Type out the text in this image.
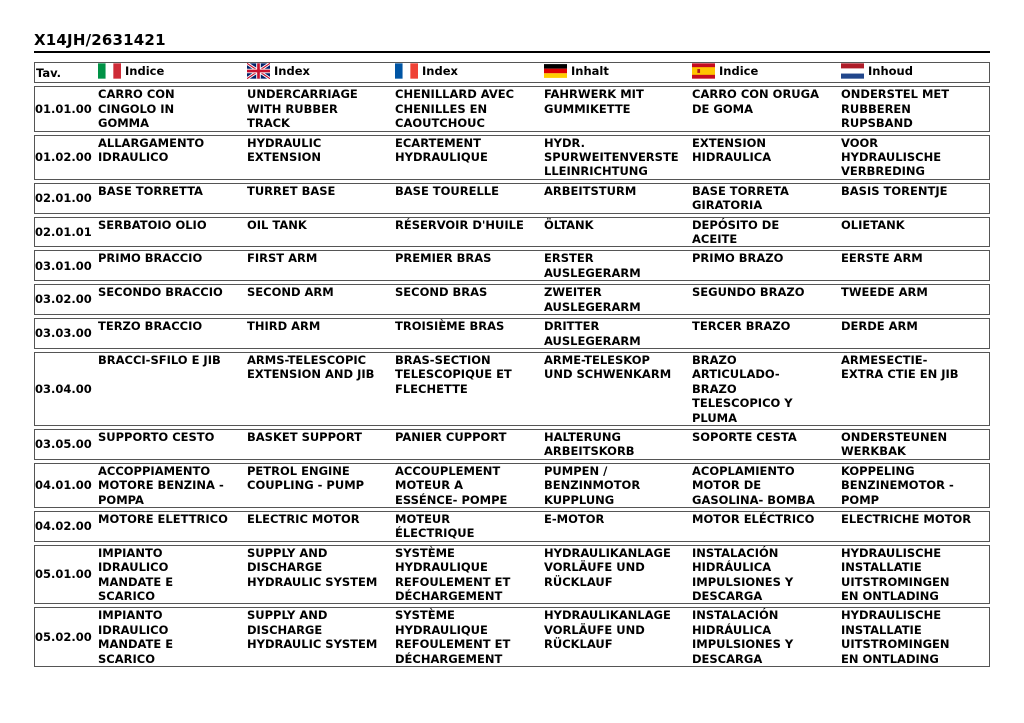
X14JH/2631421
Tav.	Indice	Index	Index	Inhalt	Indice	Inhoud

01.01.00	CARRO CON
CINGOLO IN
GOMMA	UNDERCARRIAGE
WITH RUBBER
TRACK	CHENILLARD AVEC
CHENILLES EN
CAOUTCHOUC	FAHRWERK MIT
GUMMIKETTE	CARRO CON ORUGA
DE GOMA	ONDERSTEL MET
RUBBEREN
RUPSBAND

01.02.00	ALLARGAMENTO
IDRAULICO	HYDRAULIC
EXTENSION	ECARTEMENT
HYDRAULIQUE	HYDR.
SPURWEITENVERSTE
LLEINRICHTUNG	EXTENSION
HIDRAULICA	VOOR
HYDRAULISCHE
VERBREDING

02.01.00	BASE TORRETTA	TURRET BASE	BASE TOURELLE	ARBEITSTURM	BASE TORRETA
GIRATORIA	BASIS TORENTJE

02.01.01	SERBATOIO OLIO	OIL TANK	RÉSERVOIR D'HUILE	ÖLTANK	DEPÓSITO DE
ACEITE	OLIETANK

03.01.00	PRIMO BRACCIO	FIRST ARM	PREMIER BRAS	ERSTER
AUSLEGERARM	PRIMO BRAZO	EERSTE ARM

03.02.00	SECONDO BRACCIO	SECOND ARM	SECOND BRAS	ZWEITER
AUSLEGERARM	SEGUNDO BRAZO	TWEEDE ARM

03.03.00	TERZO BRACCIO	THIRD ARM	TROISIÈME BRAS	DRITTER
AUSLEGERARM	TERCER BRAZO	DERDE ARM

03.04.00	BRACCI-SFILO E JIB	ARMS-TELESCOPIC
EXTENSION AND JIB	BRAS-SECTION
TELESCOPIQUE ET
FLECHETTE	ARME-TELESKOP
UND SCHWENKARM	BRAZO
ARTICULADO-
BRAZO
TELESCOPICO Y
PLUMA	ARMESECTIE-
EXTRA CTIE EN JIB

03.05.00	SUPPORTO CESTO	BASKET SUPPORT	PANIER CUPPORT	HALTERUNG
ARBEITSKORB	SOPORTE CESTA	ONDERSTEUNEN
WERKBAK

04.01.00	ACCOPPIAMENTO
MOTORE BENZINA -
POMPA	PETROL ENGINE
COUPLING - PUMP	ACCOUPLEMENT
MOTEUR A
ESSÉNCE- POMPE	PUMPEN /
BENZINMOTOR
KUPPLUNG	ACOPLAMIENTO
MOTOR DE
GASOLINA- BOMBA	KOPPELING
BENZINEMOTOR -
POMP

04.02.00	MOTORE ELETTRICO	ELECTRIC MOTOR	MOTEUR
ÉLECTRIQUE	E-MOTOR	MOTOR ELÉCTRICO	ELECTRICHE MOTOR

05.01.00	IMPIANTO
IDRAULICO
MANDATE E
SCARICO	SUPPLY AND
DISCHARGE
HYDRAULIC SYSTEM	SYSTÈME
HYDRAULIQUE
REFOULEMENT ET
DÉCHARGEMENT	HYDRAULIKANLAGE
VORLÄUFE UND
RÜCKLAUF	INSTALACIÓN
HIDRÁULICA
IMPULSIONES Y
DESCARGA	HYDRAULISCHE
INSTALLATIE
UITSTROMINGEN
EN ONTLADING

05.02.00	IMPIANTO
IDRAULICO
MANDATE E
SCARICO	SUPPLY AND
DISCHARGE
HYDRAULIC SYSTEM	SYSTÈME
HYDRAULIQUE
REFOULEMENT ET
DÉCHARGEMENT	HYDRAULIKANLAGE
VORLÄUFE UND
RÜCKLAUF	INSTALACIÓN
HIDRÁULICA
IMPULSIONES Y
DESCARGA	HYDRAULISCHE
INSTALLATIE
UITSTROMINGEN
EN ONTLADING
